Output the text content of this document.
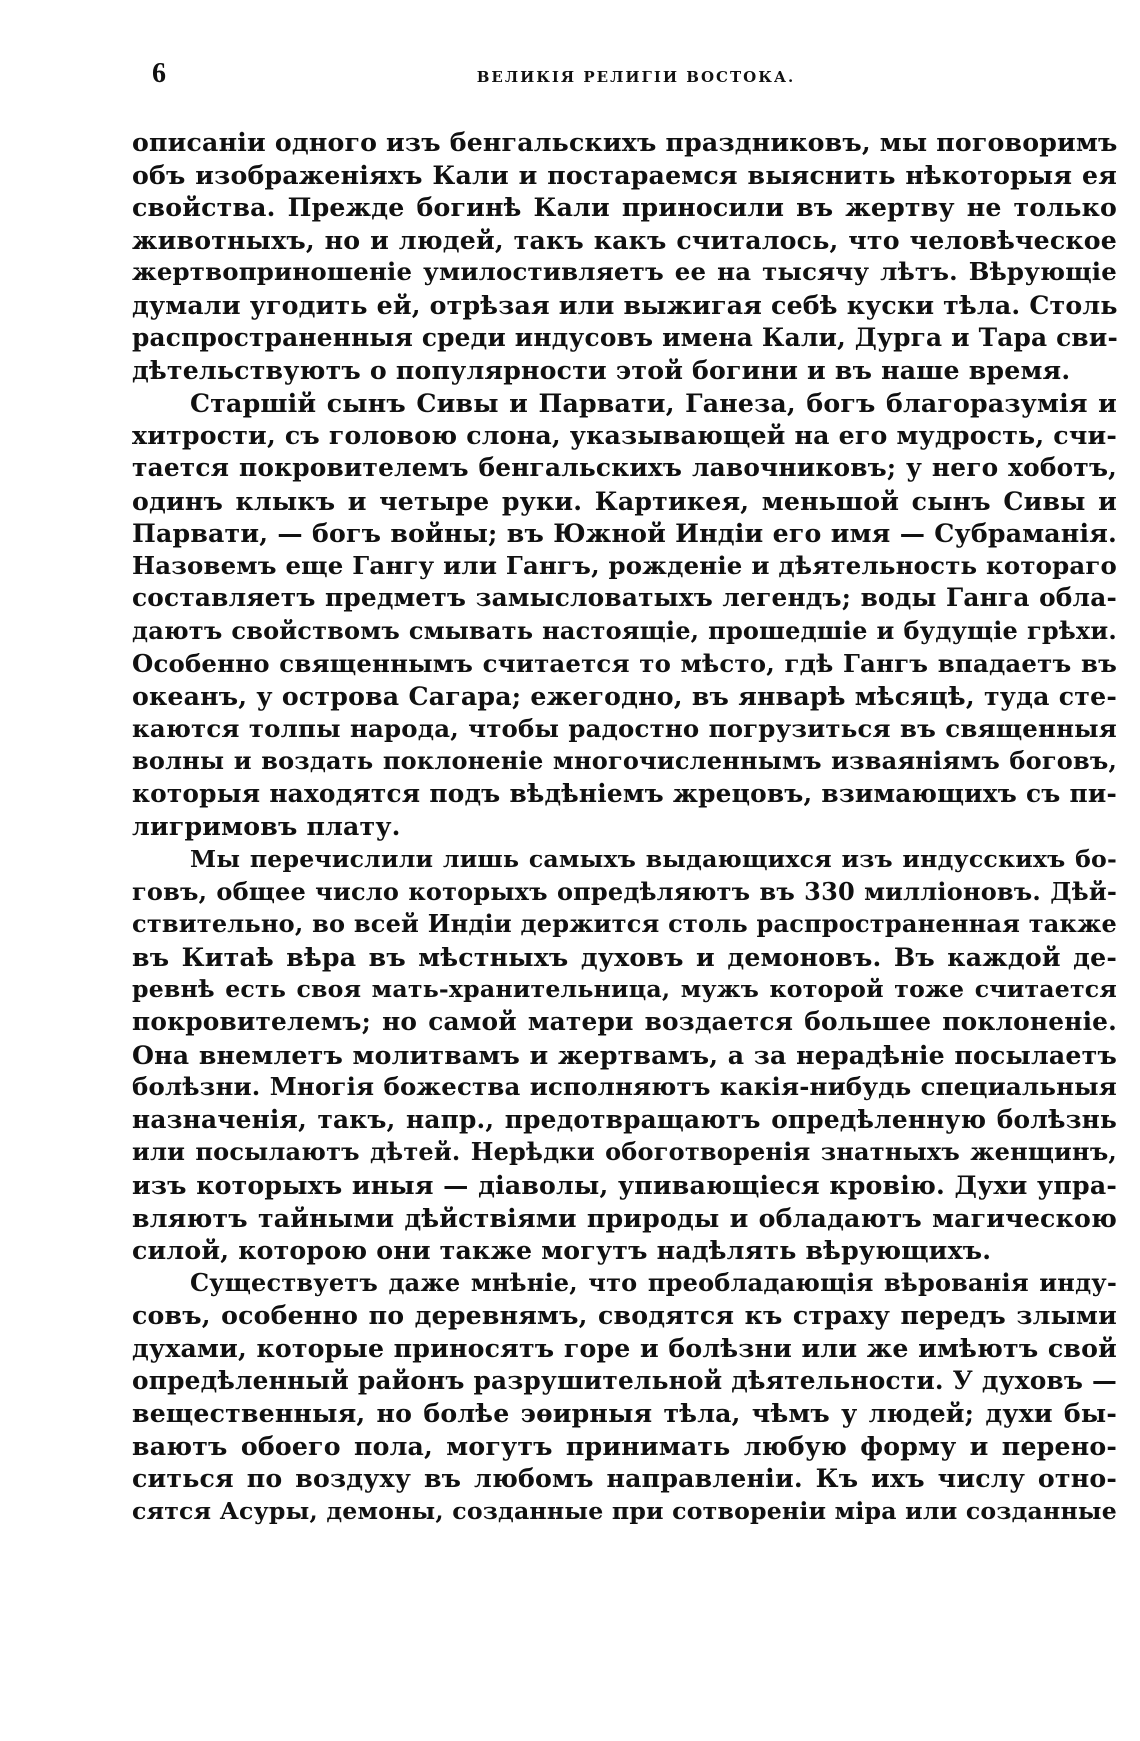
6	ВЕЛИКІЯ РЕЛИГІИ ВОСТОКА.
описаніи одного изъ бенгальскихъ праздниковъ, мы поговоримъ
объ изображеніяхъ Кали и постараемся выяснить нѣкоторыя ея
свойства. Прежде богинѣ Кали приносили въ жертву не только
животныхъ, но и людей, такъ какъ считалось, что человѣческое
жертвоприношеніе умилостивляетъ ее на тысячу лѣтъ. Вѣрующіе
думали угодить ей, отрѣзая или выжигая себѣ куски тѣла. Столь
распространенныя среди индусовъ имена Кали, Дурга и Тара сви-
дѣтельствуютъ о популярности этой богини и въ наше время.
Старшій сынъ Сивы и Парвати, Ганеза, богъ благоразумія и
хитрости, съ головою слона, указывающей на его мудрость, счи-
тается покровителемъ бенгальскихъ лавочниковъ; у него хоботъ,
одинъ клыкъ и четыре руки. Картикея, меньшой сынъ Сивы и
Парвати, — богъ войны; въ Южной Индіи его имя — Субраманія.
Назовемъ еще Гангу или Гангъ, рожденіе и дѣятельность котораго
составляетъ предметъ замысловатыхъ легендъ; воды Ганга обла-
даютъ свойствомъ смывать настоящіе, прошедшіе и будущіе грѣхи.
Особенно священнымъ считается то мѣсто, гдѣ Гангъ впадаетъ въ
океанъ, у острова Сагара; ежегодно, въ январѣ мѣсяцѣ, туда сте-
каются толпы народа, чтобы радостно погрузиться въ священныя
волны и воздать поклоненіе многочисленнымъ изваяніямъ боговъ,
которыя находятся подъ вѣдѣніемъ жрецовъ, взимающихъ съ пи-
лигримовъ плату.
Мы перечислили лишь самыхъ выдающихся изъ индусскихъ бо-
говъ, общее число которыхъ опредѣляютъ въ 330 милліоновъ. Дѣй-
ствительно, во всей Индіи держится столь распространенная также
въ Китаѣ вѣра въ мѣстныхъ духовъ и демоновъ. Въ каждой де-
ревнѣ есть своя мать-хранительница, мужъ которой тоже считается
покровителемъ; но самой матери воздается большее поклоненіе.
Она внемлетъ молитвамъ и жертвамъ, а за нерадѣніе посылаетъ
болѣзни. Многія божества исполняютъ какія-нибудь специальныя
назначенія, такъ, напр., предотвращаютъ опредѣленную болѣзнь
или посылаютъ дѣтей. Нерѣдки обоготворенія знатныхъ женщинъ,
изъ которыхъ иныя — діаволы, упивающіеся кровію. Духи упра-
вляютъ тайными дѣйствіями природы и обладаютъ магическою
силой, которою они также могутъ надѣлять вѣрующихъ.
Существуетъ даже мнѣніе, что преобладающія вѣрованія инду-
совъ, особенно по деревнямъ, сводятся къ страху передъ злыми
духами, которые приносятъ горе и болѣзни или же имѣютъ свой
опредѣленный районъ разрушительной дѣятельности. У духовъ —
вещественныя, но болѣе эѳирныя тѣла, чѣмъ у людей; духи бы-
ваютъ обоего пола, могутъ принимать любую форму и перено-
ситься по воздуху въ любомъ направленіи. Къ ихъ числу отно-
сятся Асуры, демоны, созданные при сотвореніи міра или созданные
